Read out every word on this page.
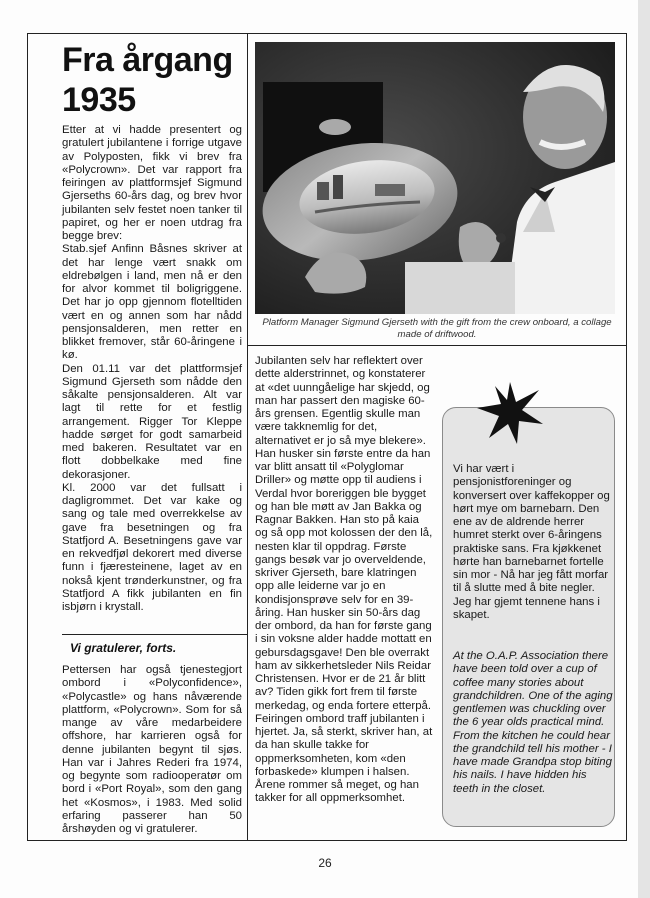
Fra årgang
1935

Etter at vi hadde presentert og gratulert jubilantene i forrige utgave av Polyposten, fikk vi brev fra «Polycrown». Det var rapport fra feiringen av plattformsjef Sigmund Gjerseths 60-års dag, og brev hvor jubilanten selv festet noen tanker til papiret, og her er noen utdrag fra begge brev:

Stab.sjef Anfinn Båsnes skriver at det har lenge vært snakk om eldrebølgen i land, men nå er den for alvor kommet til boligriggene. Det har jo opp gjennom flotelltiden vært en og annen som har nådd pensjonsalderen, men retter en blikket fremover, står 60-åringene i kø.

Den 01.11 var det plattformsjef Sigmund Gjerseth som nådde den såkalte pensjonsalderen. Alt var lagt til rette for et festlig arrangement. Rigger Tor Kleppe hadde sørget for godt samarbeid med bakeren. Resultatet var en flott dobbelkake med fine dekorasjoner.

Kl. 2000 var det fullsatt i dagligrommet. Det var kake og sang og tale med overrekkelse av gave fra besetningen og fra Statfjord A. Besetningens gave var en rekvedfjøl dekorert med diverse funn i fjæresteinene, laget av en nokså kjent trønderkunstner, og fra Statfjord A fikk jubilanten en fin isbjørn i krystall.

Vi gratulerer, forts.

Pettersen har også tjenestegjort ombord i «Polyconfidence», «Polycastle» og hans nåværende plattform, «Polycrown». Som for så mange av våre medarbeidere offshore, har karrieren også for denne jubilanten begynt til sjøs. Han var i Jahres Rederi fra 1974, og begynte som radiooperatør om bord i «Port Royal», som den gang het «Kosmos», i 1983. Med solid erfaring passerer han 50 årshøyden og vi gratulerer.

Platform Manager Sigmund Gjerseth with the gift from the crew onboard, a collage made of driftwood.

Jubilanten selv har reflektert over dette alderstrinnet, og konstaterer at «det uunngåelige har skjedd, og man har passert den magiske 60-års grensen. Egentlig skulle man være takknemlig for det, alternativet er jo så mye blekere». Han husker sin første entre da han var blitt ansatt til «Polyglomar Driller» og møtte opp til audiens i Verdal hvor boreriggen ble bygget og han ble møtt av Jan Bakka og Ragnar Bakken. Han sto på kaia og så opp mot kolossen der den lå, nesten klar til oppdrag. Første gangs besøk var jo overveldende, skriver Gjerseth, bare klatringen opp alle leiderne var jo en kondisjonsprøve selv for en 39-åring. Han husker sin 50-års dag der ombord, da han for første gang i sin voksne alder hadde mottatt en gebursdagsgave! Den ble overrakt ham av sikkerhetsleder Nils Reidar Christensen. Hvor er de 21 år blitt av? Tiden gikk fort frem til første merkedag, og enda fortere etterpå.

Feiringen ombord traff jubilanten i hjertet. Ja, så sterkt, skriver han, at da han skulle takke for oppmerksomheten, kom «den forbaskede» klumpen i halsen. Årene rommer så meget, og han takker for all oppmerksomhet.

Vi har vært i pensjonistforeninger og konversert over kaffekopper og hørt mye om barnebarn. Den ene av de aldrende herrer humret sterkt over 6-åringens praktiske sans. Fra kjøkkenet hørte han barnebarnet fortelle sin mor - Nå har jeg fått morfar til å slutte med å bite negler. Jeg har gjemt tennene hans i skapet.
At the O.A.P. Association there have been told over a cup of coffee many stories about grandchildren. One of the aging gentlemen was chuckling over the 6 year olds practical mind. From the kitchen he could hear the grandchild tell his mother - I have made Grandpa stop biting his nails. I have hidden his teeth in the closet.
26
